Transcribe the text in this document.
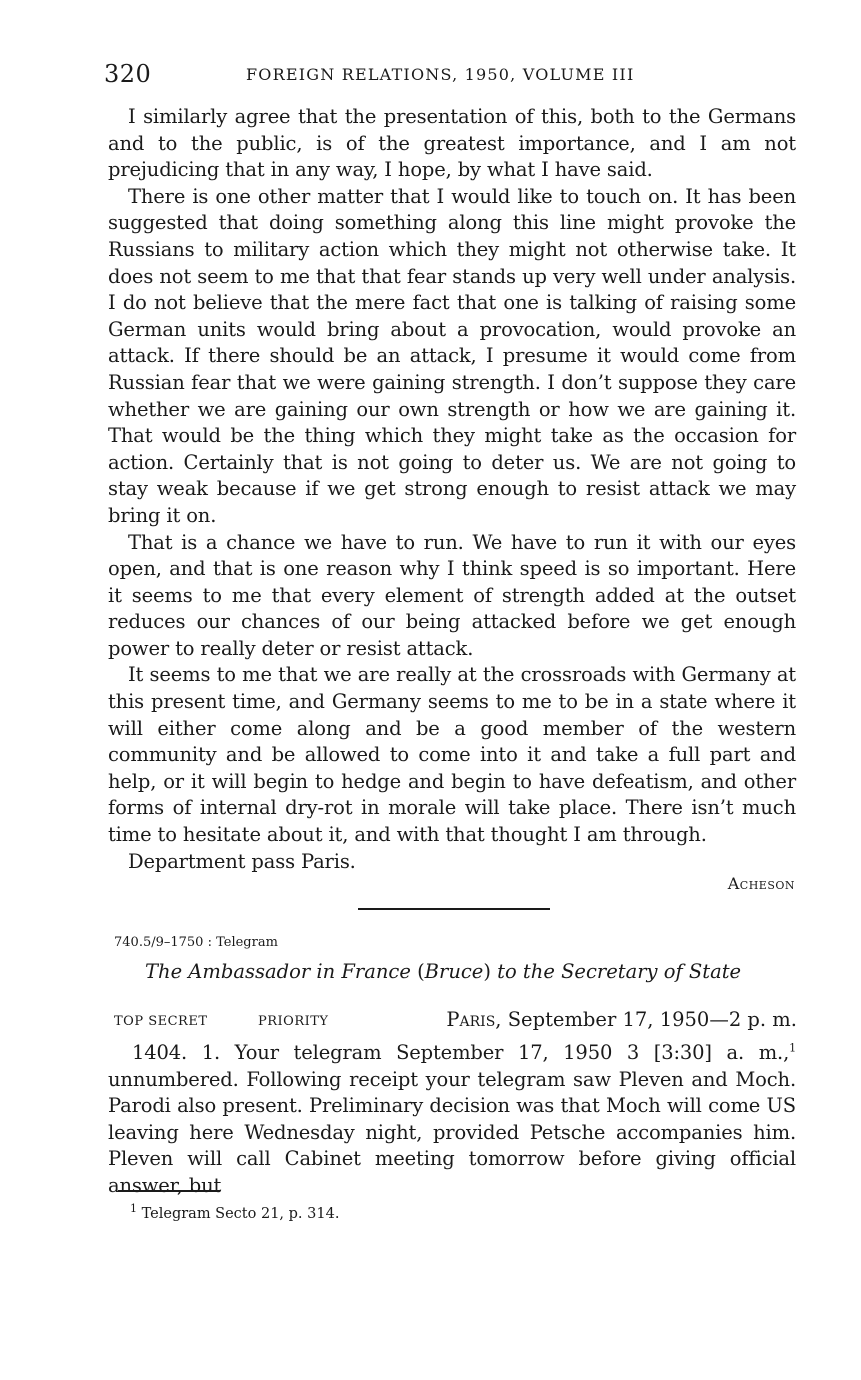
320	FOREIGN RELATIONS, 1950, VOLUME III

I similarly agree that the presentation of this, both to the Germans and to the public, is of the greatest importance, and I am not prejudicing that in any way, I hope, by what I have said.

There is one other matter that I would like to touch on. It has been suggested that doing something along this line might provoke the Russians to military action which they might not otherwise take. It does not seem to me that that fear stands up very well under analysis. I do not believe that the mere fact that one is talking of raising some German units would bring about a provocation, would provoke an attack. If there should be an attack, I presume it would come from Russian fear that we were gaining strength. I don’t suppose they care whether we are gaining our own strength or how we are gaining it. That would be the thing which they might take as the occasion for action. Certainly that is not going to deter us. We are not going to stay weak because if we get strong enough to resist attack we may bring it on.

That is a chance we have to run. We have to run it with our eyes open, and that is one reason why I think speed is so important. Here it seems to me that every element of strength added at the outset reduces our chances of our being attacked before we get enough power to really deter or resist attack.

It seems to me that we are really at the crossroads with Germany at this present time, and Germany seems to me to be in a state where it will either come along and be a good member of the western community and be allowed to come into it and take a full part and help, or it will begin to hedge and begin to have defeatism, and other forms of internal dry-rot in morale will take place. There isn’t much time to hesitate about it, and with that thought I am through.

Department pass Paris.

Acheson
740.5/9–1750 : Telegram
The Ambassador in France (Bruce) to the Secretary of State
TOP SECRET	PRIORITY	Paris, September 17, 1950—2 p. m.

1404. 1. Your telegram September 17, 1950 3 [3:30] a. m.,$^1$ unnumbered. Following receipt your telegram saw Pleven and Moch. Parodi also present. Preliminary decision was that Moch will come US leaving here Wednesday night, provided Petsche accompanies him. Pleven will call Cabinet meeting tomorrow before giving official answer, but

$^1$ Telegram Secto 21, p. 314.
